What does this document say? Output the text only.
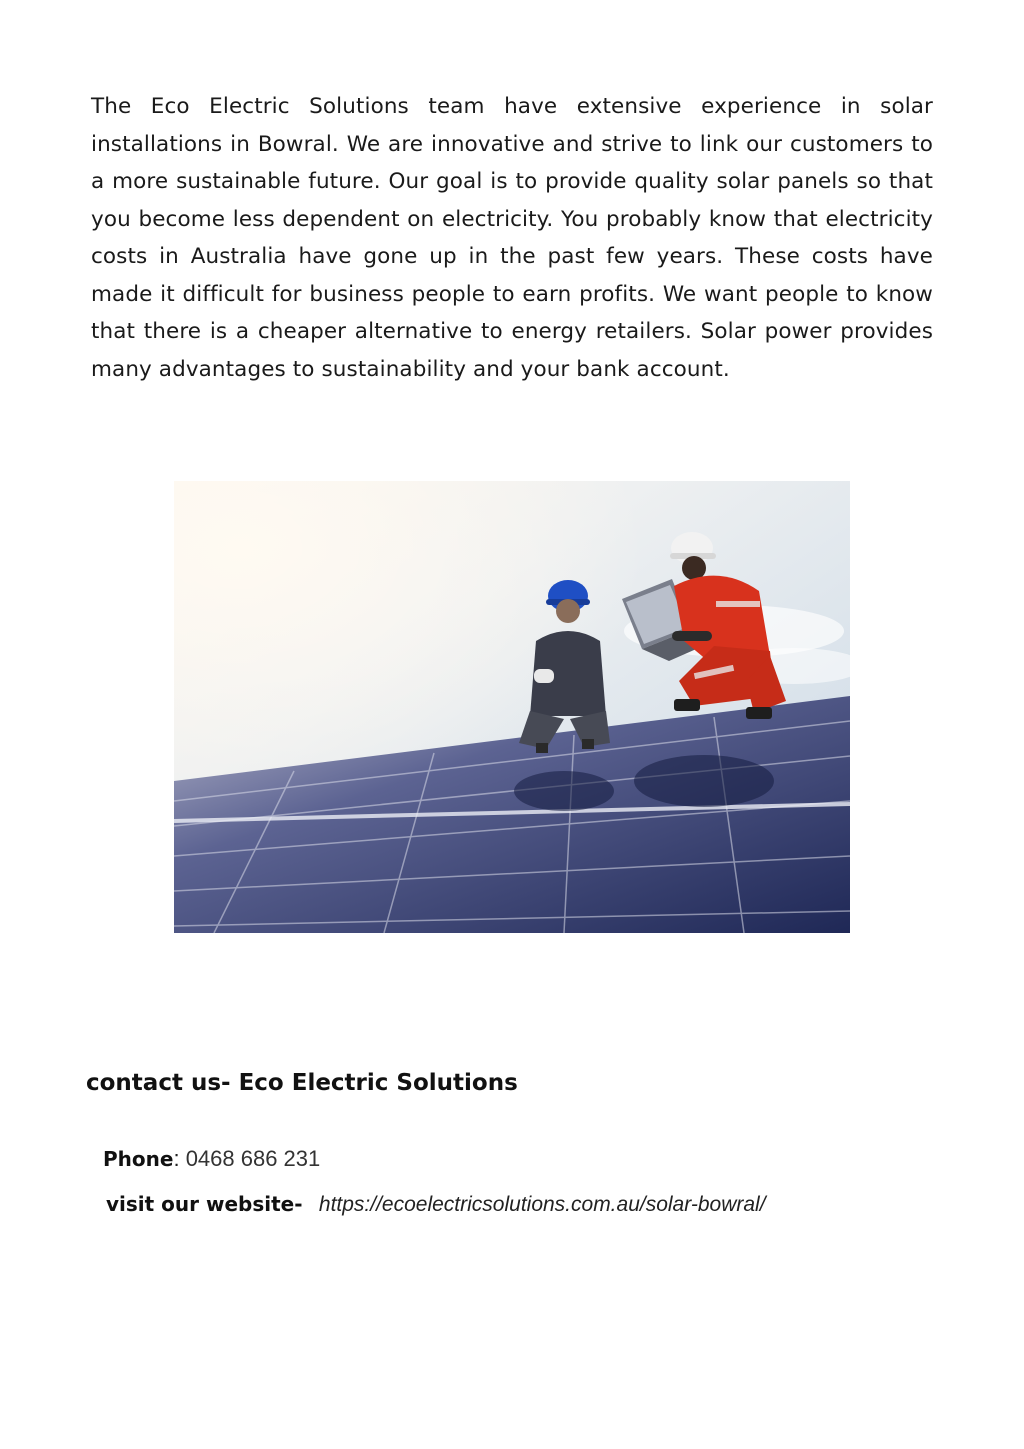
The Eco Electric Solutions team have extensive experience in solar installations in Bowral. We are innovative and strive to link our customers to a more sustainable future. Our goal is to provide quality solar panels so that you become less dependent on electricity. You probably know that electricity costs in Australia have gone up in the past few years. These costs have made it difficult for business people to earn profits. We want people to know that there is a cheaper alternative to energy retailers. Solar power provides many advantages to sustainability and your bank account.

contact us- Eco Electric Solutions
Phone: 0468 686 231
visit our website- https://ecoelectricsolutions.com.au/solar-bowral/
